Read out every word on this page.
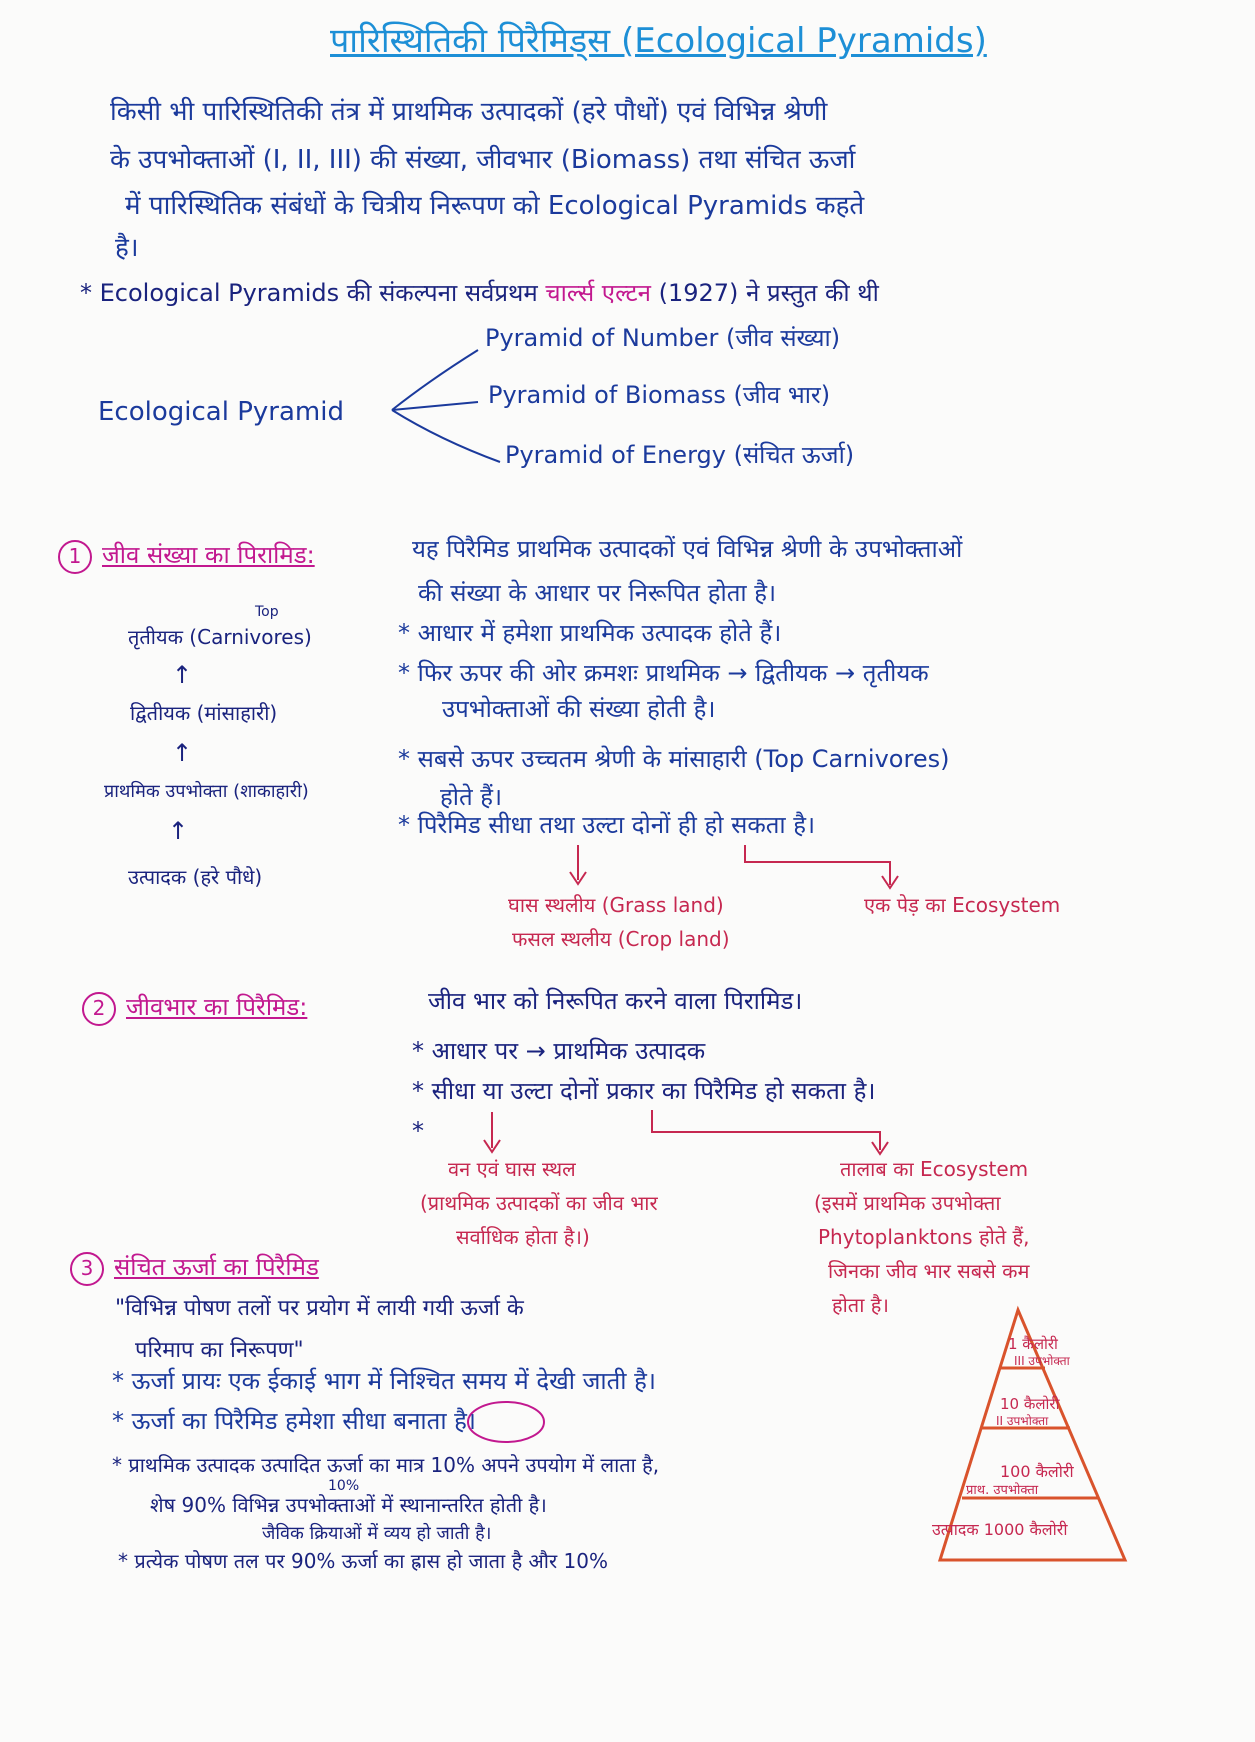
पारिस्थितिकी पिरैमिड्स (Ecological Pyramids)
किसी भी पारिस्थितिकी तंत्र में प्राथमिक उत्पादकों (हरे पौधों) एवं विभिन्न श्रेणी
के उपभोक्ताओं (I, II, III) की संख्या, जीवभार (Biomass) तथा संचित ऊर्जा
में पारिस्थितिक संबंधों के चित्रीय निरूपण को Ecological Pyramids कहते
है।
* Ecological Pyramids की संकल्पना सर्वप्रथम चार्ल्स एल्टन (1927) ने प्रस्तुत की थी
Ecological Pyramid
Pyramid of Number (जीव संख्या)
Pyramid of Biomass (जीव भार)
Pyramid of Energy (संचित ऊर्जा)
1 जीव संख्या का पिरामिड:	यह पिरैमिड प्राथमिक उत्पादकों एवं विभिन्न श्रेणी के उपभोक्ताओं
की संख्या के आधार पर निरूपित होता है।
Top
तृतीयक (Carnivores)
↑
द्वितीयक (मांसाहारी)
↑
प्राथमिक उपभोक्ता (शाकाहारी)
↑
उत्पादक (हरे पौधे)
* आधार में हमेशा प्राथमिक उत्पादक होते हैं।
* फिर ऊपर की ओर क्रमशः प्राथमिक → द्वितीयक → तृतीयक
उपभोक्ताओं की संख्या होती है।
* सबसे ऊपर उच्चतम श्रेणी के मांसाहारी (Top Carnivores)
होते हैं।
* पिरैमिड सीधा तथा उल्टा दोनों ही हो सकता है।
घास स्थलीय (Grass land)
फसल स्थलीय (Crop land)
एक पेड़ का Ecosystem
2 जीवभार का पिरैमिड:	जीव भार को निरूपित करने वाला पिरामिड।
* आधार पर → प्राथमिक उत्पादक
* सीधा या उल्टा दोनों प्रकार का पिरैमिड हो सकता है।
*
वन एवं घास स्थल
(प्राथमिक उत्पादकों का जीव भार
सर्वाधिक होता है।)
तालाब का Ecosystem
(इसमें प्राथमिक उपभोक्ता
Phytoplanktons होते हैं,
जिनका जीव भार सबसे कम
होता है।
3 संचित ऊर्जा का पिरैमिड
"विभिन्न पोषण तलों पर प्रयोग में लायी गयी ऊर्जा के
परिमाप का निरूपण"
* ऊर्जा प्रायः एक ईकाई भाग में निश्चित समय में देखी जाती है।
* ऊर्जा का पिरैमिड हमेशा सीधा बनाता है।
* प्राथमिक उत्पादक उत्पादित ऊर्जा का मात्र 10% अपने उपयोग में लाता है,
10%
शेष 90% विभिन्न उपभोक्ताओं में स्थानान्तरित होती है।
जैविक क्रियाओं में व्यय हो जाती है।
* प्रत्येक पोषण तल पर 90% ऊर्जा का ह्रास हो जाता है और 10%
1 कैलोरी
III उपभोक्ता
10 कैलोरी
II उपभोक्ता
100 कैलोरी
प्राथ. उपभोक्ता
उत्पादक 1000 कैलोरी
